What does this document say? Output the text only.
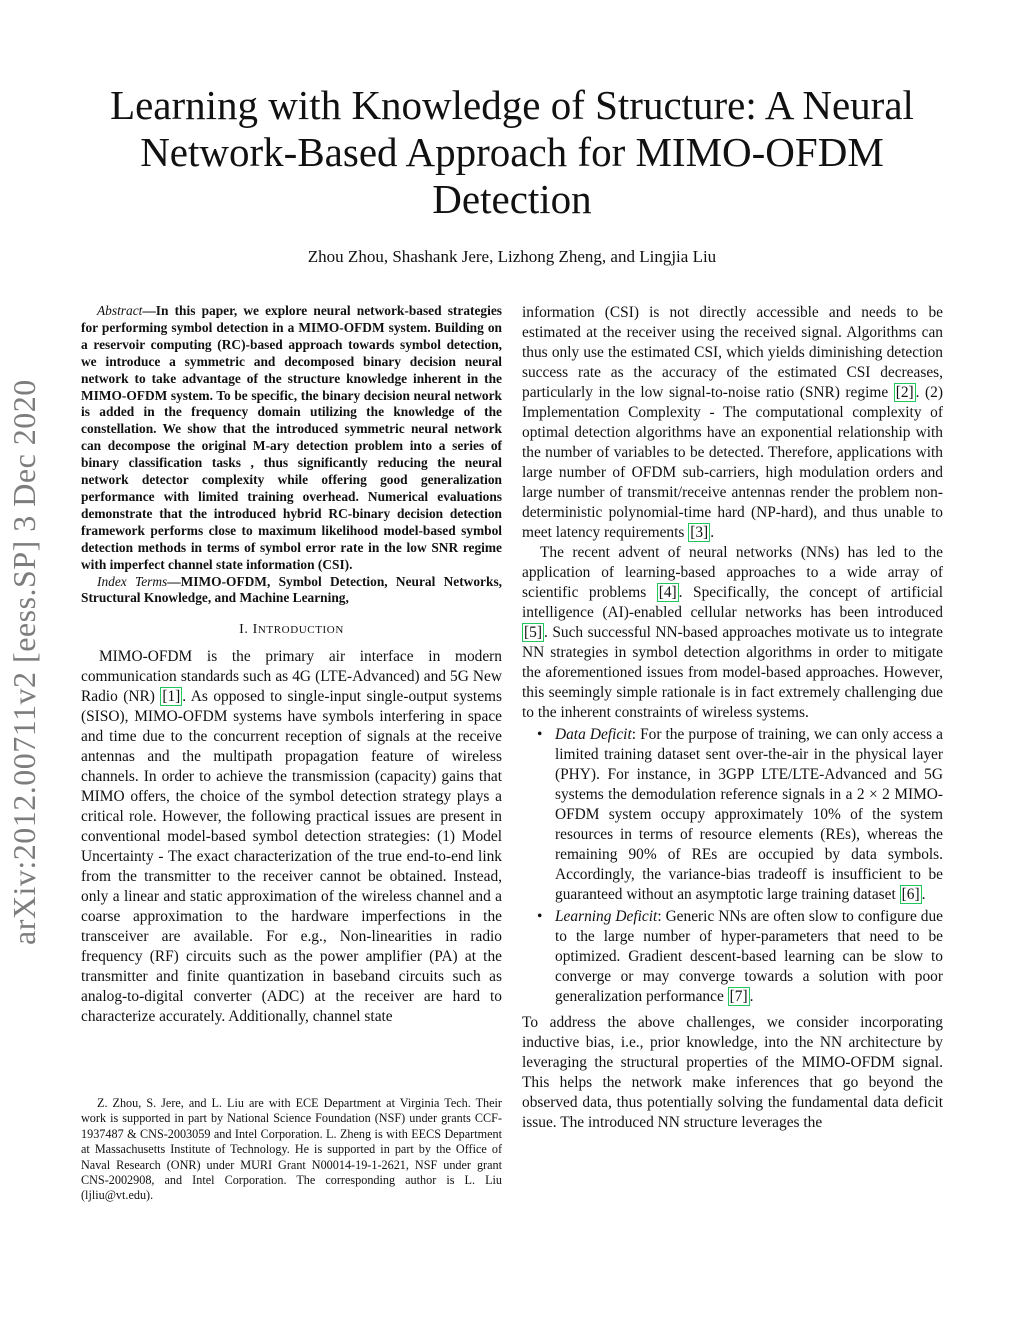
arXiv:2012.00711v2 [eess.SP] 3 Dec 2020
Learning with Knowledge of Structure: A Neural Network-Based Approach for MIMO-OFDM Detection
Zhou Zhou, Shashank Jere, Lizhong Zheng, and Lingjia Liu

Abstract—In this paper, we explore neural network-based strategies for performing symbol detection in a MIMO-OFDM system. Building on a reservoir computing (RC)-based approach towards symbol detection, we introduce a symmetric and decomposed binary decision neural network to take advantage of the structure knowledge inherent in the MIMO-OFDM system. To be specific, the binary decision neural network is added in the frequency domain utilizing the knowledge of the constellation. We show that the introduced symmetric neural network can decompose the original M-ary detection problem into a series of binary classification tasks , thus significantly reducing the neural network detector complexity while offering good generalization performance with limited training overhead. Numerical evaluations demonstrate that the introduced hybrid RC-binary decision detection framework performs close to maximum likelihood model-based symbol detection methods in terms of symbol error rate in the low SNR regime with imperfect channel state information (CSI).

Index Terms—MIMO-OFDM, Symbol Detection, Neural Networks, Structural Knowledge, and Machine Learning,

I. INTRODUCTION

MIMO-OFDM is the primary air interface in modern communication standards such as 4G (LTE-Advanced) and 5G New Radio (NR) [1] . As opposed to single-input single-output systems (SISO), MIMO-OFDM systems have symbols interfering in space and time due to the concurrent reception of signals at the receive antennas and the multipath propagation feature of wireless channels. In order to achieve the transmission (capacity) gains that MIMO offers, the choice of the symbol detection strategy plays a critical role. However, the following practical issues are present in conventional model-based symbol detection strategies: (1) Model Uncertainty - The exact characterization of the true end-to-end link from the transmitter to the receiver cannot be obtained. Instead, only a linear and static approximation of the wireless channel and a coarse approximation to the hardware imperfections in the transceiver are available. For e.g., Non-linearities in radio frequency (RF) circuits such as the power amplifier (PA) at the transmitter and finite quantization in baseband circuits such as analog-to-digital converter (ADC) at the receiver are hard to characterize accurately. Additionally, channel state

Z. Zhou, S. Jere, and L. Liu are with ECE Department at Virginia Tech. Their work is supported in part by National Science Foundation (NSF) under grants CCF-1937487 & CNS-2003059 and Intel Corporation. L. Zheng is with EECS Department at Massachusetts Institute of Technology. He is supported in part by the Office of Naval Research (ONR) under MURI Grant N00014-19-1-2621, NSF under grant CNS-2002908, and Intel Corporation. The corresponding author is L. Liu (ljliu@vt.edu).

information (CSI) is not directly accessible and needs to be estimated at the receiver using the received signal. Algorithms can thus only use the estimated CSI, which yields diminishing detection success rate as the accuracy of the estimated CSI decreases, particularly in the low signal-to-noise ratio (SNR) regime [2] . (2) Implementation Complexity - The computational complexity of optimal detection algorithms have an exponential relationship with the number of variables to be detected. Therefore, applications with large number of OFDM sub-carriers, high modulation orders and large number of transmit/receive antennas render the problem non-deterministic polynomial-time hard (NP-hard), and thus unable to meet latency requirements [3] .

The recent advent of neural networks (NNs) has led to the application of learning-based approaches to a wide array of scientific problems [4] . Specifically, the concept of artificial intelligence (AI)-enabled cellular networks has been introduced [5] . Such successful NN-based approaches motivate us to integrate NN strategies in symbol detection algorithms in order to mitigate the aforementioned issues from model-based approaches. However, this seemingly simple rationale is in fact extremely challenging due to the inherent constraints of wireless systems.

• Data Deficit: For the purpose of training, we can only access a limited training dataset sent over-the-air in the physical layer (PHY). For instance, in 3GPP LTE/LTE-Advanced and 5G systems the demodulation reference signals in a 2 × 2 MIMO-OFDM system occupy approximately 10% of the system resources in terms of resource elements (REs), whereas the remaining 90% of REs are occupied by data symbols. Accordingly, the variance-bias tradeoff is insufficient to be guaranteed without an asymptotic large training dataset [6] .
• Learning Deficit: Generic NNs are often slow to configure due to the large number of hyper-parameters that need to be optimized. Gradient descent-based learning can be slow to converge or may converge towards a solution with poor generalization performance [7] .

To address the above challenges, we consider incorporating inductive bias, i.e., prior knowledge, into the NN architecture by leveraging the structural properties of the MIMO-OFDM signal. This helps the network make inferences that go beyond the observed data, thus potentially solving the fundamental data deficit issue. The introduced NN structure leverages the
